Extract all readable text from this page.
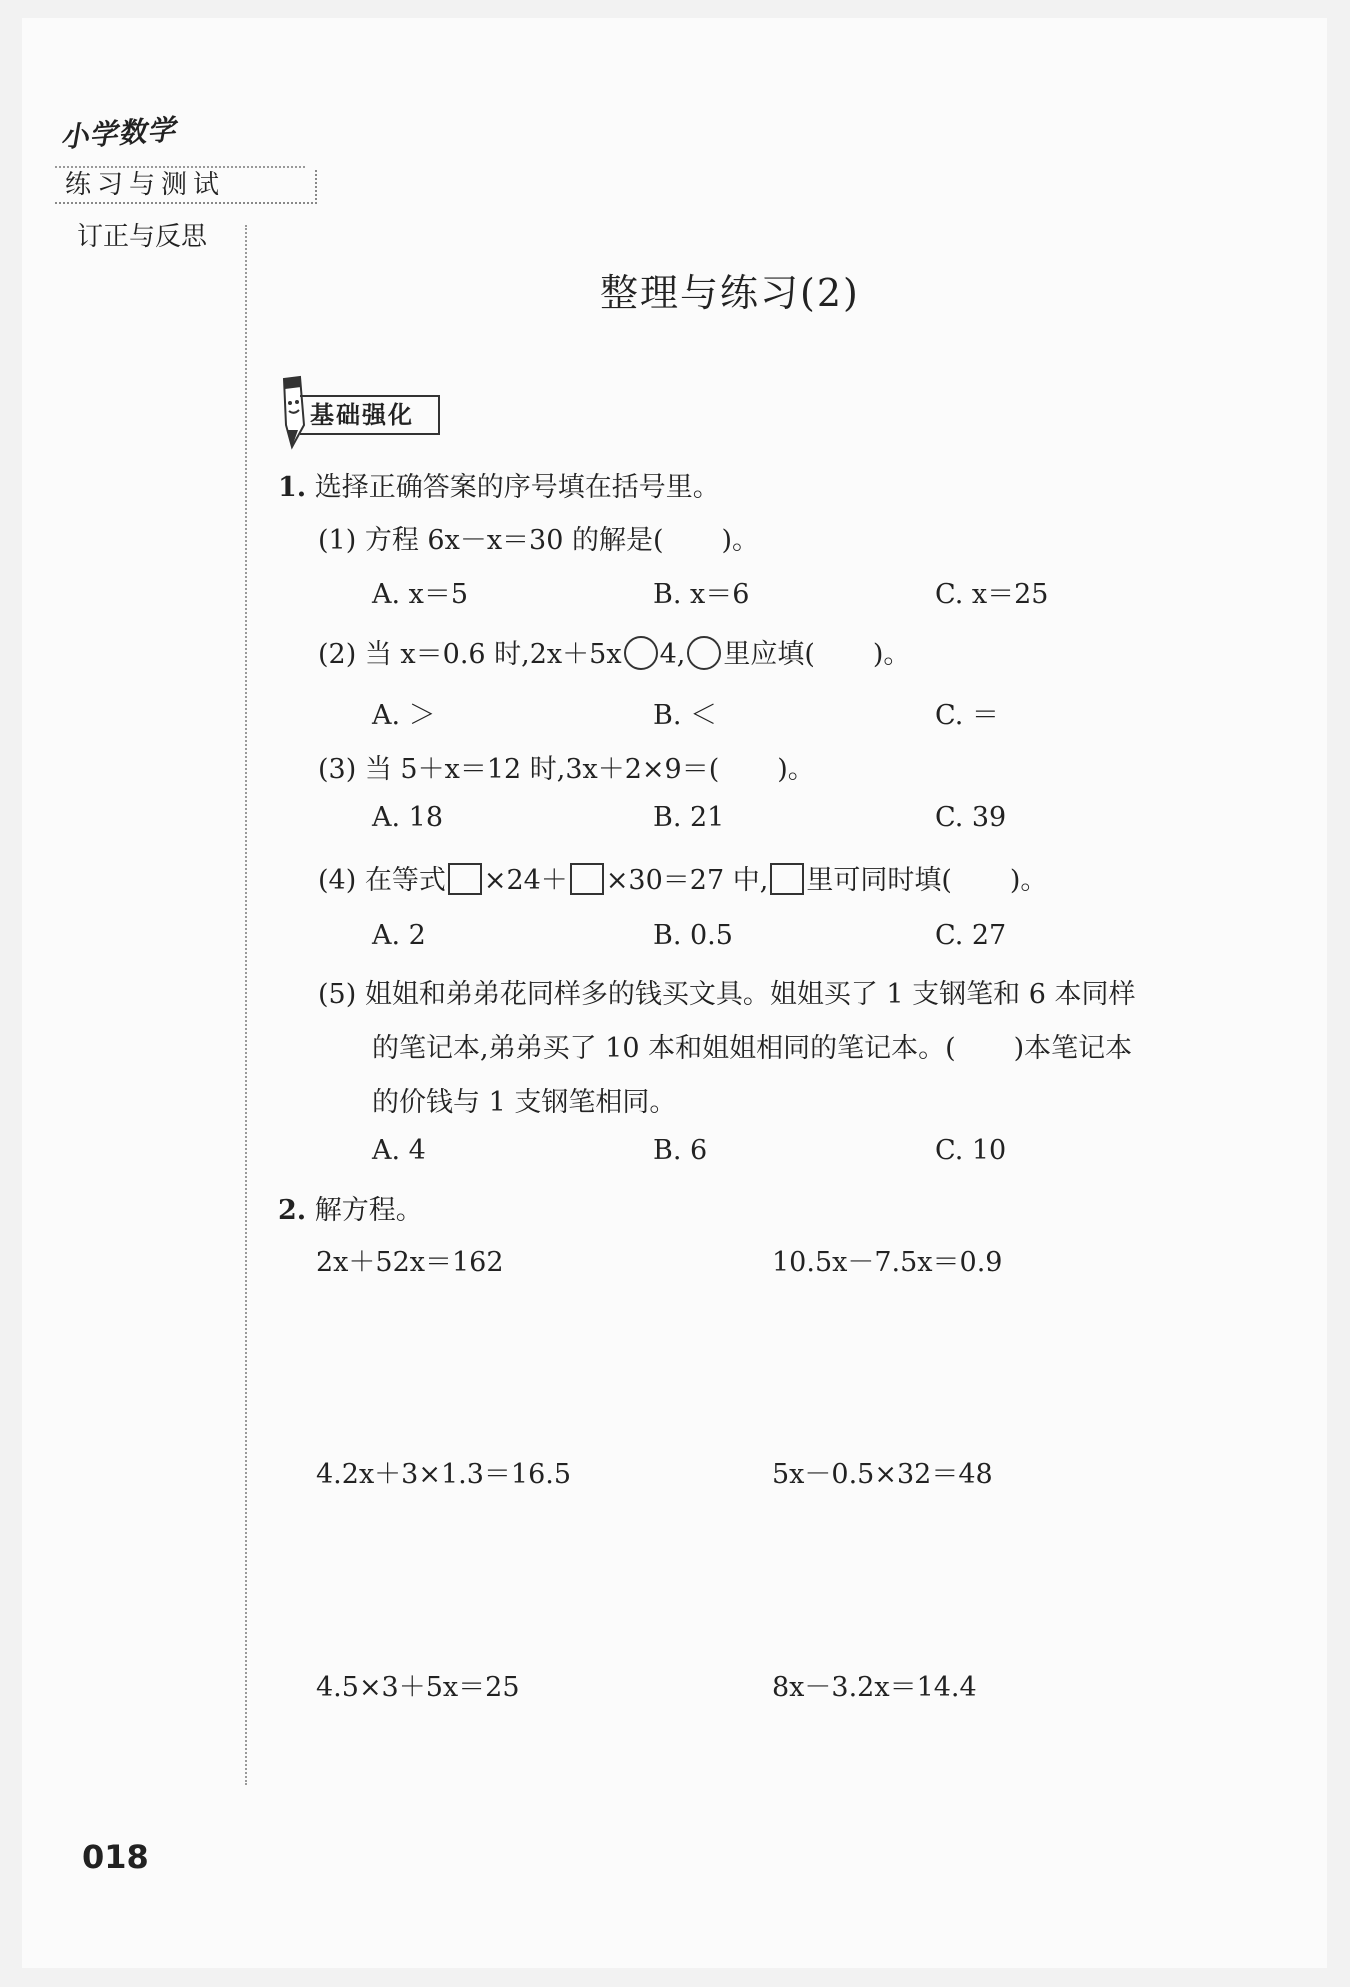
小学数学
练习与测试
订正与反思
018
整理与练习(2)
基础强化
1. 选择正确答案的序号填在括号里。
(1) 方程 6x－x＝30 的解是( )。
A. x＝5	B. x＝6	C. x＝25
(2) 当 x＝0.6 时,2x＋5x 4, 里应填( )。
A. ＞	B. ＜	C. ＝
(3) 当 5＋x＝12 时,3x＋2×9＝( )。
A. 18	B. 21	C. 39
(4) 在等式 ×24＋ ×30＝27 中, 里可同时填( )。
A. 2	B. 0.5	C. 27
(5) 姐姐和弟弟花同样多的钱买文具。姐姐买了 1 支钢笔和 6 本同样
的笔记本,弟弟买了 10 本和姐姐相同的笔记本。( )本笔记本
的价钱与 1 支钢笔相同。
A. 4	B. 6	C. 10
2. 解方程。
2x＋52x＝162	10.5x－7.5x＝0.9
4.2x＋3×1.3＝16.5	5x－0.5×32＝48
4.5×3＋5x＝25	8x－3.2x＝14.4
